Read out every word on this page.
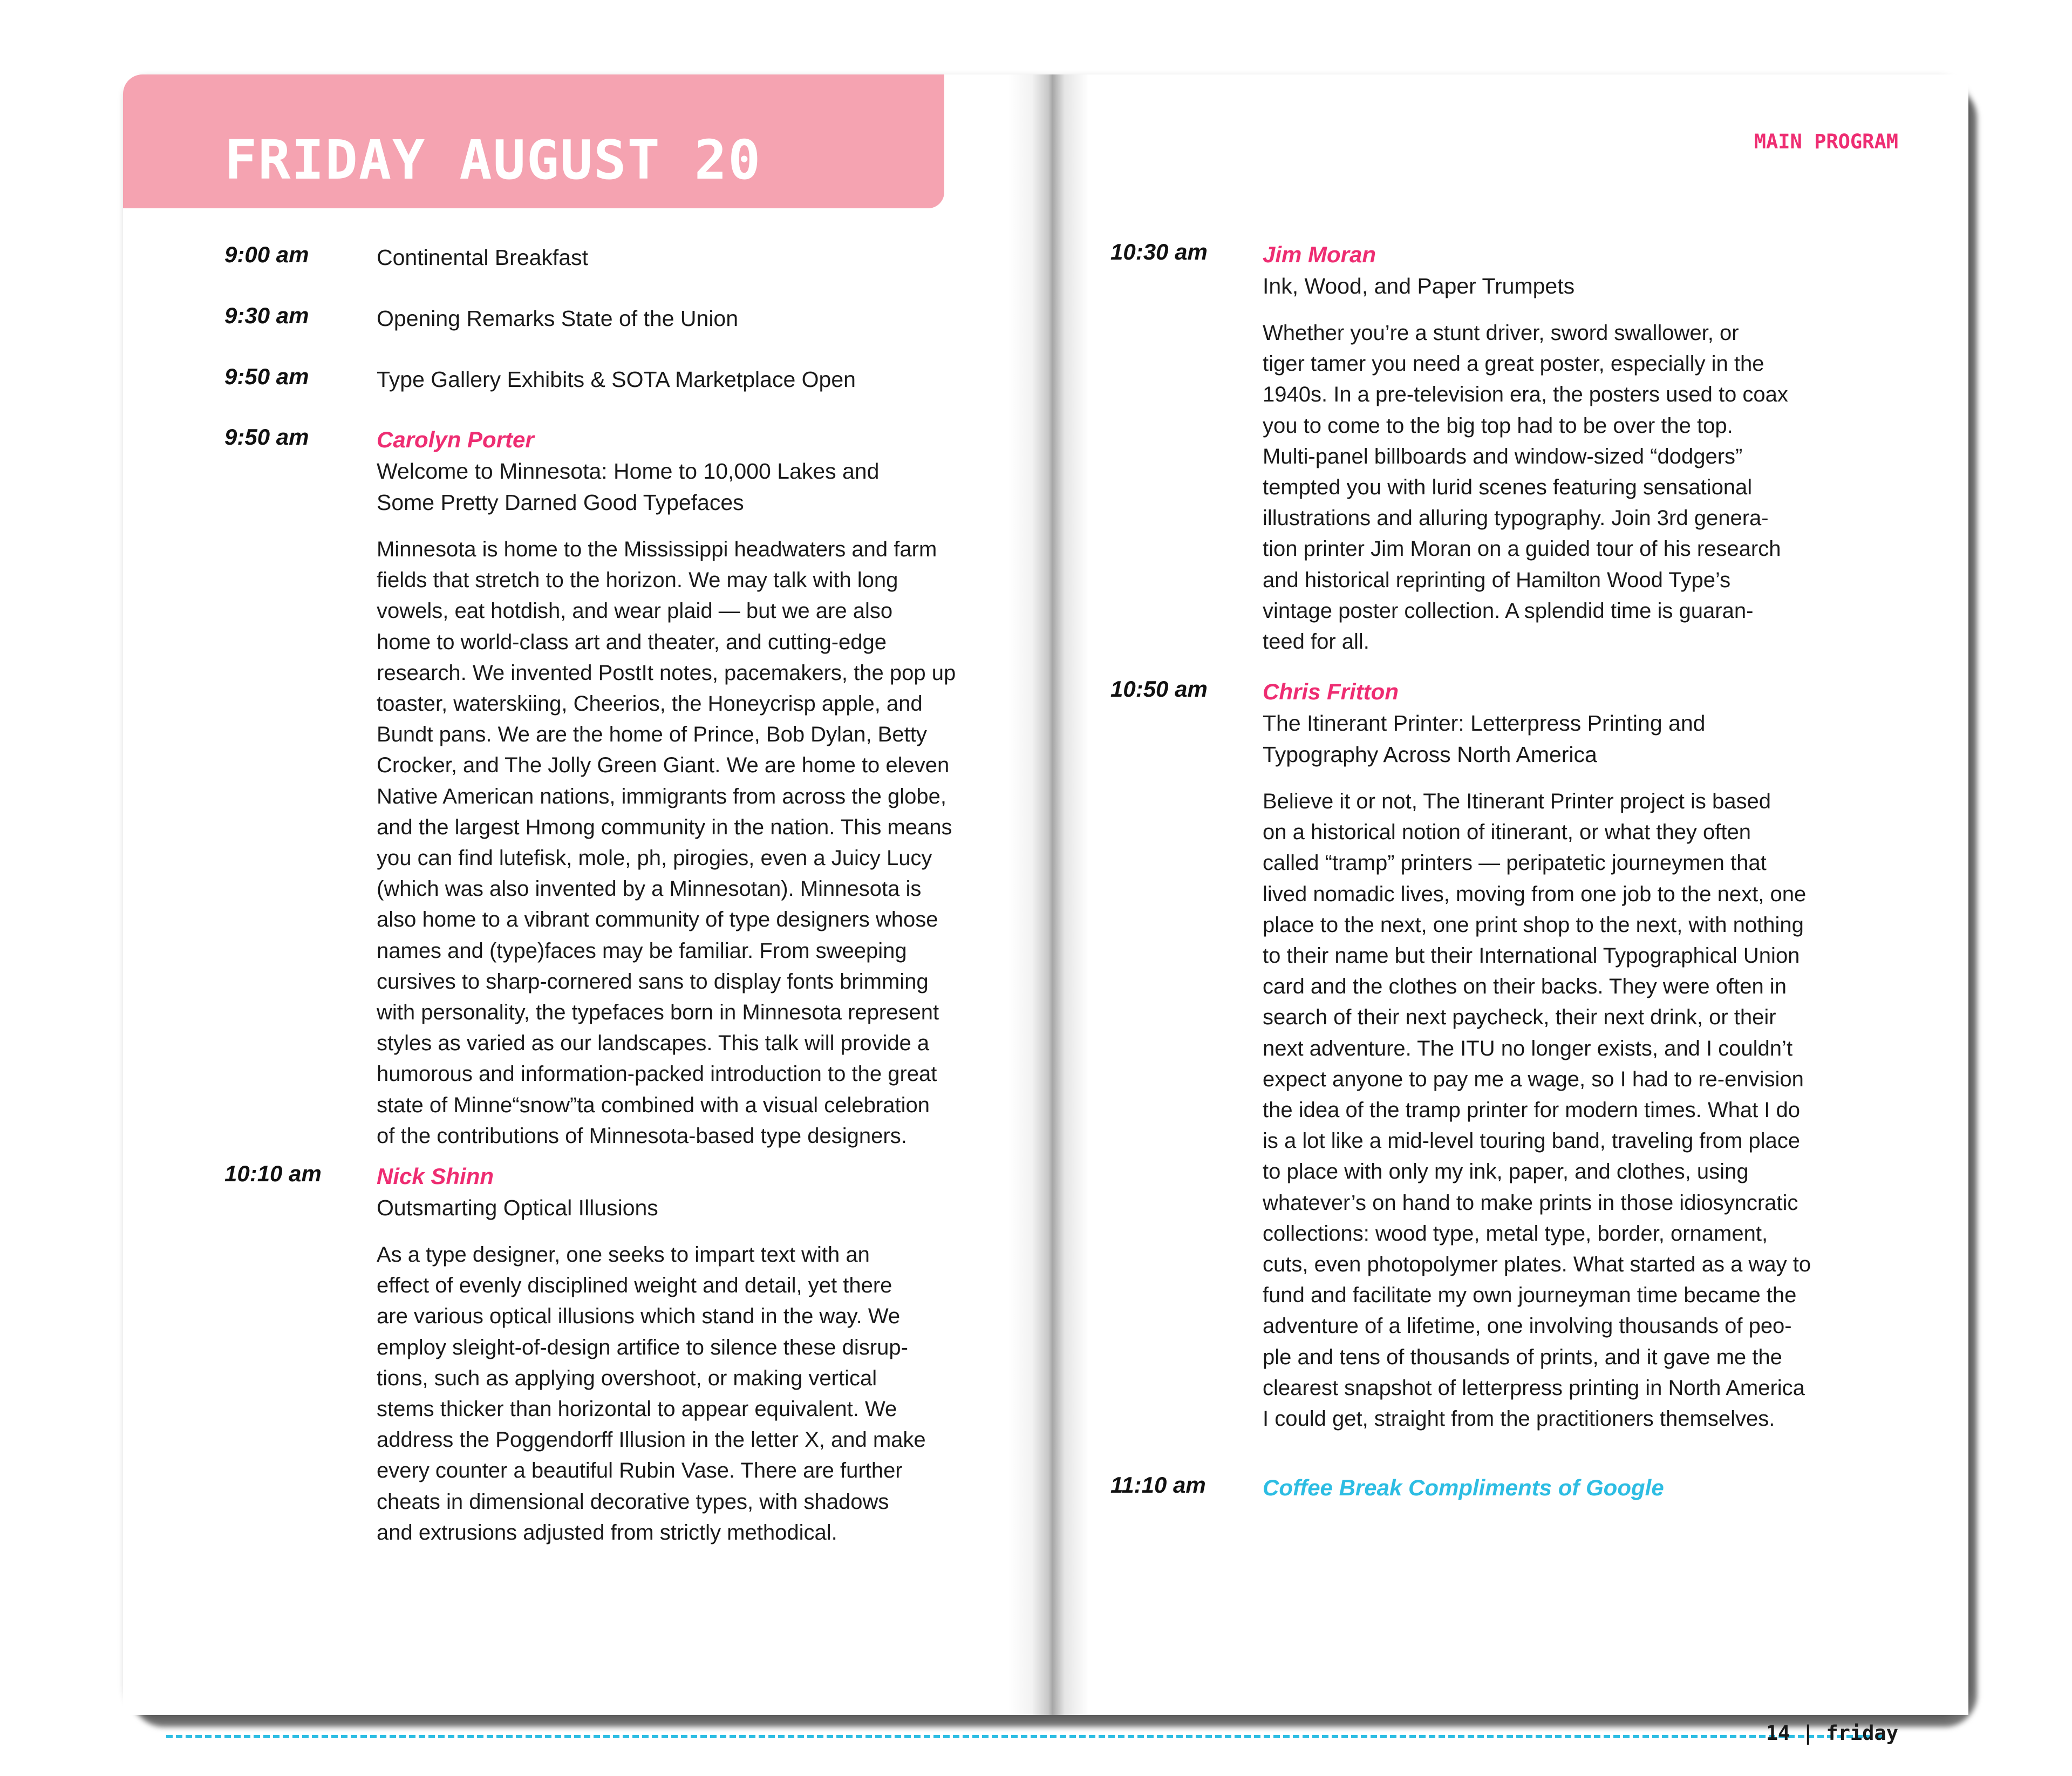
FRIDAY AUGUST 20
9:00 am	Continental Breakfast
9:30 am	Opening Remarks State of the Union
9:50 am	Type Gallery Exhibits & SOTA Marketplace Open
9:50 am	Carolyn Porter
Welcome to Minnesota: Home to 10,000 Lakes and
Some Pretty Darned Good Typefaces
Minnesota is home to the Mississippi headwaters and farm
fields that stretch to the horizon. We may talk with long
vowels, eat hotdish, and wear plaid — but we are also
home to world-class art and theater, and cutting-edge
research. We invented PostIt notes, pacemakers, the pop up
toaster, waterskiing, Cheerios, the Honeycrisp apple, and
Bundt pans. We are the home of Prince, Bob Dylan, Betty
Crocker, and The Jolly Green Giant. We are home to eleven
Native American nations, immigrants from across the globe,
and the largest Hmong community in the nation. This means
you can find lutefisk, mole, ph, pirogies, even a Juicy Lucy
(which was also invented by a Minnesotan). Minnesota is
also home to a vibrant community of type designers whose
names and (type)faces may be familiar. From sweeping
cursives to sharp-cornered sans to display fonts brimming
with personality, the typefaces born in Minnesota represent
styles as varied as our landscapes. This talk will provide a
humorous and information-packed introduction to the great
state of Minne“snow”ta combined with a visual celebration
of the contributions of Minnesota-based type designers.
10:10 am Nick Shinn
Outsmarting Optical Illusions
As a type designer, one seeks to impart text with an
effect of evenly disciplined weight and detail, yet there
are various optical illusions which stand in the way. We
employ sleight-of-design artifice to silence these disrup-
tions, such as applying overshoot, or making vertical
stems thicker than horizontal to appear equivalent. We
address the Poggendorff Illusion in the letter X, and make
every counter a beautiful Rubin Vase. There are further
cheats in dimensional decorative types, with shadows
and extrusions adjusted from strictly methodical.
MAIN PROGRAM
10:30 am Jim Moran
Ink, Wood, and Paper Trumpets
Whether you’re a stunt driver, sword swallower, or
tiger tamer you need a great poster, especially in the
1940s. In a pre-television era, the posters used to coax
you to come to the big top had to be over the top.
Multi-panel billboards and window-sized “dodgers”
tempted you with lurid scenes featuring sensational
illustrations and alluring typography. Join 3rd genera-
tion printer Jim Moran on a guided tour of his research
and historical reprinting of Hamilton Wood Type’s
vintage poster collection. A splendid time is guaran-
teed for all.
10:50 am Chris Fritton
The Itinerant Printer: Letterpress Printing and
Typography Across North America
Believe it or not, The Itinerant Printer project is based
on a historical notion of itinerant, or what they often
called “tramp” printers — peripatetic journeymen that
lived nomadic lives, moving from one job to the next, one
place to the next, one print shop to the next, with nothing
to their name but their International Typographical Union
card and the clothes on their backs. They were often in
search of their next paycheck, their next drink, or their
next adventure. The ITU no longer exists, and I couldn’t
expect anyone to pay me a wage, so I had to re-envision
the idea of the tramp printer for modern times. What I do
is a lot like a mid-level touring band, traveling from place
to place with only my ink, paper, and clothes, using
whatever’s on hand to make prints in those idiosyncratic
collections: wood type, metal type, border, ornament,
cuts, even photopolymer plates. What started as a way to
fund and facilitate my own journeyman time became the
adventure of a lifetime, one involving thousands of peo-
ple and tens of thousands of prints, and it gave me the
clearest snapshot of letterpress printing in North America
I could get, straight from the practitioners themselves.
11:10 am	Coffee Break Compliments of Google
14 | friday
